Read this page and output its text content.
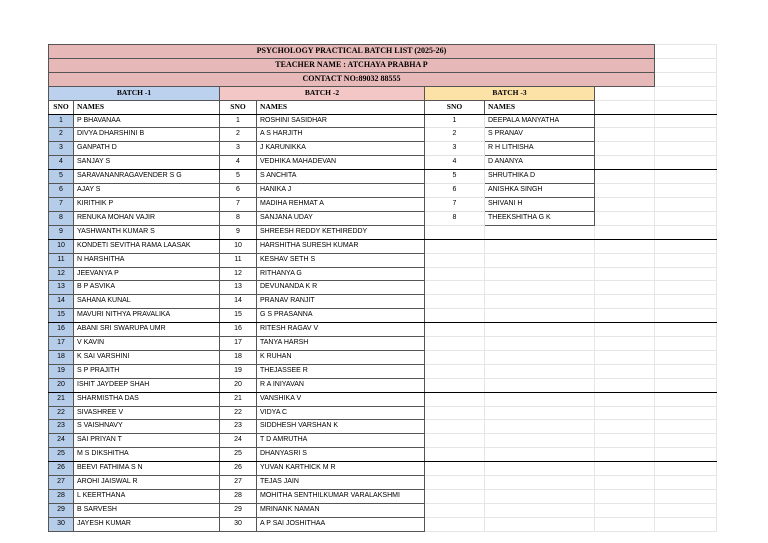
PSYCHOLOGY PRACTICAL BATCH LIST (2025-26)							
TEACHER NAME : ATCHAYA PRABHA P							
CONTACT NO:89032 88555							
BATCH -1		BATCH -2		BATCH -3			
SNO	NAMES	SNO	NAMES	SNO	NAMES		
1	P BHAVANAA	1	ROSHINI SASIDHAR	1	DEEPALA MANYATHA		
2	DIVYA DHARSHINI B	2	A S HARJITH	2	S PRANAV		
3	GANPATH D	3	J KARUNIKKA	3	R H LITHISHA		
4	SANJAY S	4	VEDHIKA MAHADEVAN	4	D ANANYA		
5	SARAVANANRAGAVENDER S G	5	S ANCHITA	5	SHRUTHIKA D		
6	AJAY S	6	HANIKA J	6	ANISHKA SINGH		
7	KIRITHIK P	7	MADIHA REHMAT A	7	SHIVANI H		
8	RENUKA MOHAN VAJIR	8	SANJANA UDAY	8	THEEKSHITHA G K		
9	YASHWANTH KUMAR S	9	SHREESH REDDY KETHIREDDY				
10	KONDETI SEVITHA RAMA LAASAK	10	HARSHITHA SURESH KUMAR				
11	N HARSHITHA	11	KESHAV SETH S				
12	JEEVANYA P	12	RITHANYA G				
13	B P ASVIKA	13	DEVUNANDA K R				
14	SAHANA KUNAL	14	PRANAV RANJIT				
15	MAVURI NITHYA PRAVALIKA	15	G S PRASANNA				
16	ABANI SRI SWARUPA UMR	16	RITESH RAGAV V				
17	V KAVIN	17	TANYA HARSH				
18	K SAI VARSHINI	18	K RUHAN				
19	S P PRAJITH	19	THEJASSEE R				
20	ISHIT JAYDEEP SHAH	20	R A INIYAVAN				
21	SHARMISTHA DAS	21	VANSHIKA V				
22	SIVASHREE V	22	VIDYA C				
23	S VAISHNAVY	23	SIDDHESH VARSHAN K				
24	SAI PRIYAN T	24	T D AMRUTHA				
25	M S DIKSHITHA	25	DHANYASRI S				
26	BEEVI FATHIMA S N	26	YUVAN KARTHICK M R				
27	AROHI JAISWAL R	27	TEJAS JAIN				
28	L KEERTHANA	28	MOHITHA SENTHILKUMAR VARALAKSHMI				
29	B SARVESH	29	MRINANK NAMAN				
30	JAYESH KUMAR	30	A P SAI JOSHITHAA				
